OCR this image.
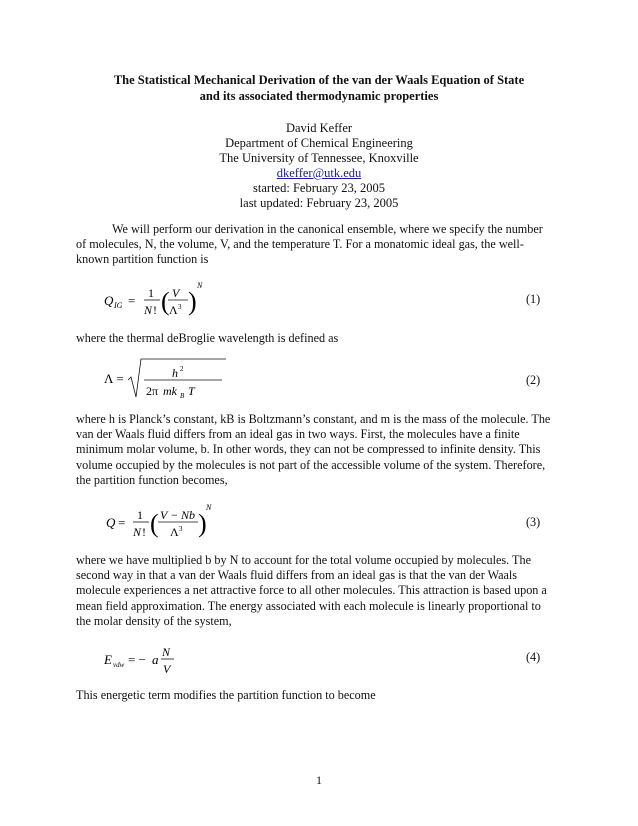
The Statistical Mechanical Derivation of the van der Waals Equation of State
and its associated thermodynamic properties
David Keffer
Department of Chemical Engineering
The University of Tennessee, Knoxville
dkeffer@utk.edu
started: February 23, 2005
last updated: February 23, 2005
We will perform our derivation in the canonical ensemble, where we specify the number
of molecules, N, the volume, V, and the temperature T. For a monatomic ideal gas, the well-
known partition function is
Q IG = 1
N ! ( V
Λ 3 )
N
(1)
where the thermal deBroglie wavelength is defined as
Λ =	h 2
2π mk B T
(2)
where h is Planck’s constant, kB is Boltzmann’s constant, and m is the mass of the molecule. The
van der Waals fluid differs from an ideal gas in two ways. First, the molecules have a finite
minimum molar volume, b. In other words, they can not be compressed to infinite density. This
volume occupied by the molecules is not part of the accessible volume of the system. Therefore,
the partition function becomes,
Q = 1
N ! ( V − Nb
Λ 3 )
N
(3)
where we have multiplied b by N to account for the total volume occupied by molecules. The
second way in that a van der Waals fluid differs from an ideal gas is that the van der Waals
molecule experiences a net attractive force to all other molecules. This attraction is based upon a
mean field approximation. The energy associated with each molecule is linearly proportional to
the molar density of the system,
E vdw = − a N
V
(4)
This energetic term modifies the partition function to become
1
